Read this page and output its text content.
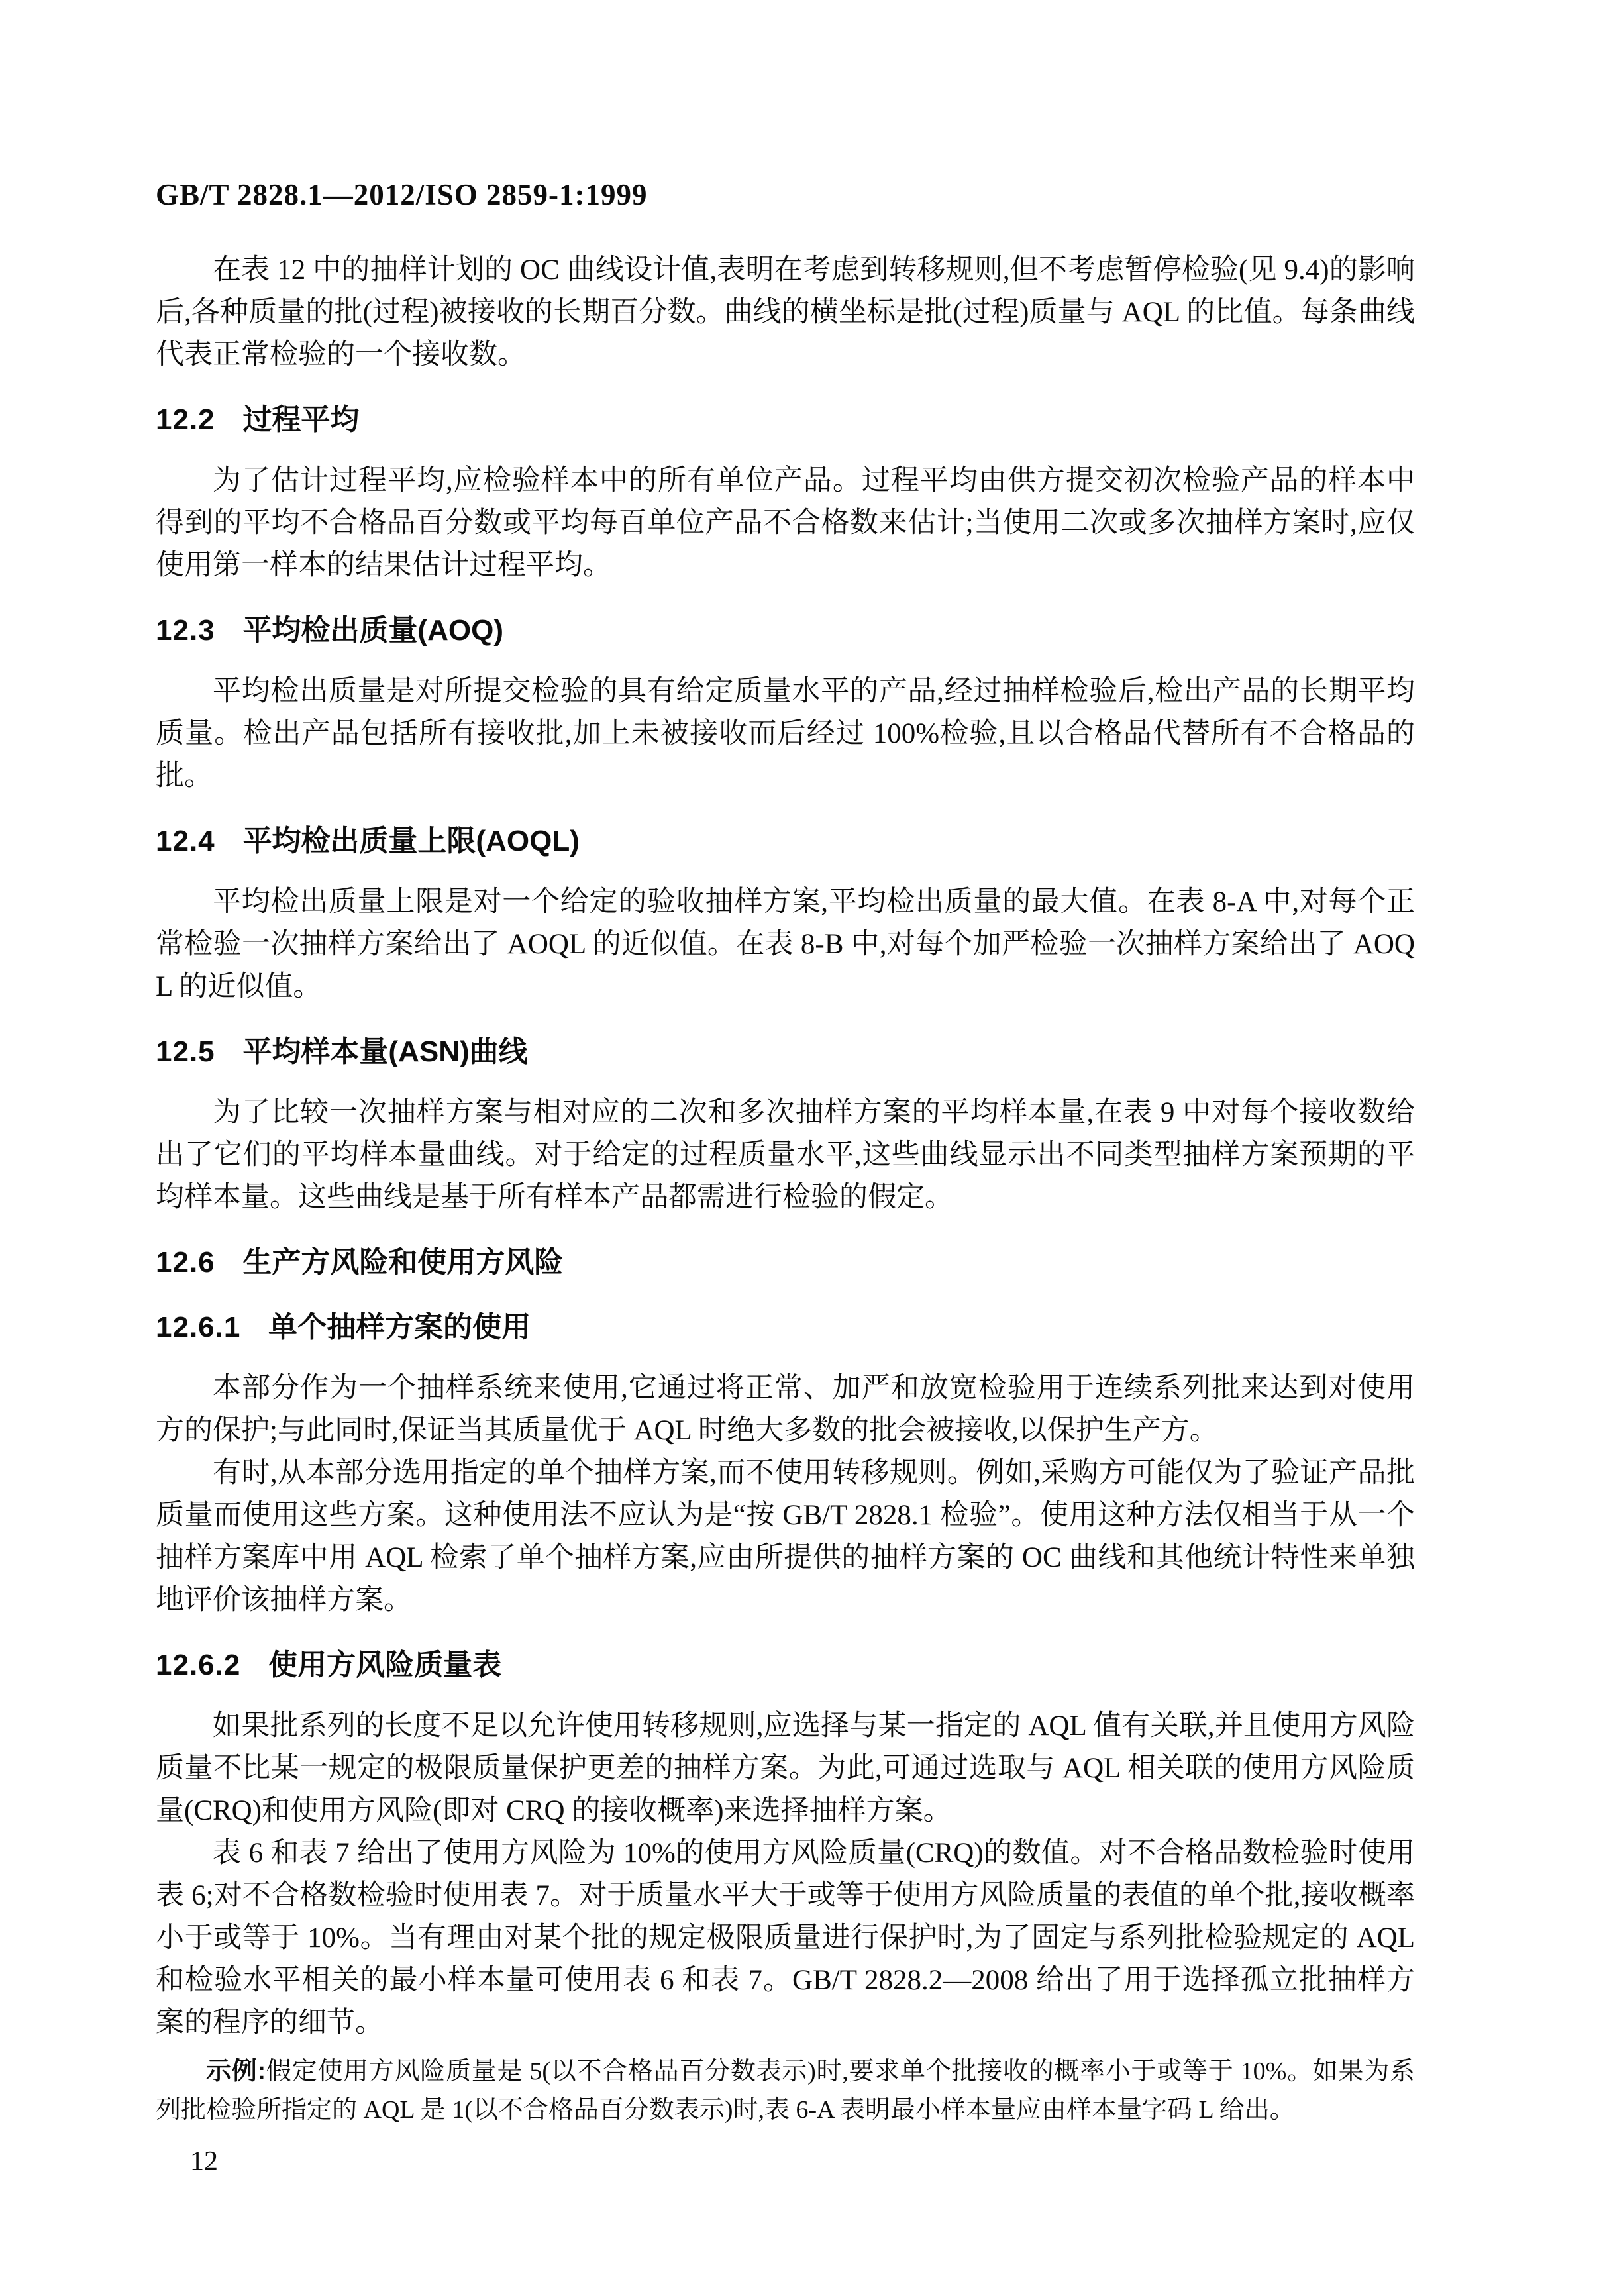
GB/T 2828.1—2012/ISO 2859-1:1999

在表 12 中的抽样计划的 OC 曲线设计值,表明在考虑到转移规则,但不考虑暂停检验(见 9.4)的影响后,各种质量的批(过程)被接收的长期百分数。曲线的横坐标是批(过程)质量与 AQL 的比值。每条曲线代表正常检验的一个接收数。

12.2 过程平均

为了估计过程平均,应检验样本中的所有单位产品。过程平均由供方提交初次检验产品的样本中得到的平均不合格品百分数或平均每百单位产品不合格数来估计;当使用二次或多次抽样方案时,应仅使用第一样本的结果估计过程平均。

12.3 平均检出质量(AOQ)

平均检出质量是对所提交检验的具有给定质量水平的产品,经过抽样检验后,检出产品的长期平均质量。检出产品包括所有接收批,加上未被接收而后经过 100%检验,且以合格品代替所有不合格品的批。

12.4 平均检出质量上限(AOQL)

平均检出质量上限是对一个给定的验收抽样方案,平均检出质量的最大值。在表 8-A 中,对每个正常检验一次抽样方案给出了 AOQL 的近似值。在表 8-B 中,对每个加严检验一次抽样方案给出了 AOQL 的近似值。

12.5 平均样本量(ASN)曲线

为了比较一次抽样方案与相对应的二次和多次抽样方案的平均样本量,在表 9 中对每个接收数给出了它们的平均样本量曲线。对于给定的过程质量水平,这些曲线显示出不同类型抽样方案预期的平均样本量。这些曲线是基于所有样本产品都需进行检验的假定。

12.6 生产方风险和使用方风险
12.6.1 单个抽样方案的使用

本部分作为一个抽样系统来使用,它通过将正常、加严和放宽检验用于连续系列批来达到对使用方的保护;与此同时,保证当其质量优于 AQL 时绝大多数的批会被接收,以保护生产方。

有时,从本部分选用指定的单个抽样方案,而不使用转移规则。例如,采购方可能仅为了验证产品批质量而使用这些方案。这种使用法不应认为是“按 GB/T 2828.1 检验”。使用这种方法仅相当于从一个抽样方案库中用 AQL 检索了单个抽样方案,应由所提供的抽样方案的 OC 曲线和其他统计特性来单独地评价该抽样方案。

12.6.2 使用方风险质量表

如果批系列的长度不足以允许使用转移规则,应选择与某一指定的 AQL 值有关联,并且使用方风险质量不比某一规定的极限质量保护更差的抽样方案。为此,可通过选取与 AQL 相关联的使用方风险质量(CRQ)和使用方风险(即对 CRQ 的接收概率)来选择抽样方案。

表 6 和表 7 给出了使用方风险为 10%的使用方风险质量(CRQ)的数值。对不合格品数检验时使用表 6;对不合格数检验时使用表 7。对于质量水平大于或等于使用方风险质量的表值的单个批,接收概率小于或等于 10%。当有理由对某个批的规定极限质量进行保护时,为了固定与系列批检验规定的 AQL 和检验水平相关的最小样本量可使用表 6 和表 7。GB/T 2828.2—2008 给出了用于选择孤立批抽样方案的程序的细节。

示例:假定使用方风险质量是 5(以不合格品百分数表示)时,要求单个批接收的概率小于或等于 10%。如果为系列批检验所指定的 AQL 是 1(以不合格品百分数表示)时,表 6-A 表明最小样本量应由样本量字码 L 给出。

12
